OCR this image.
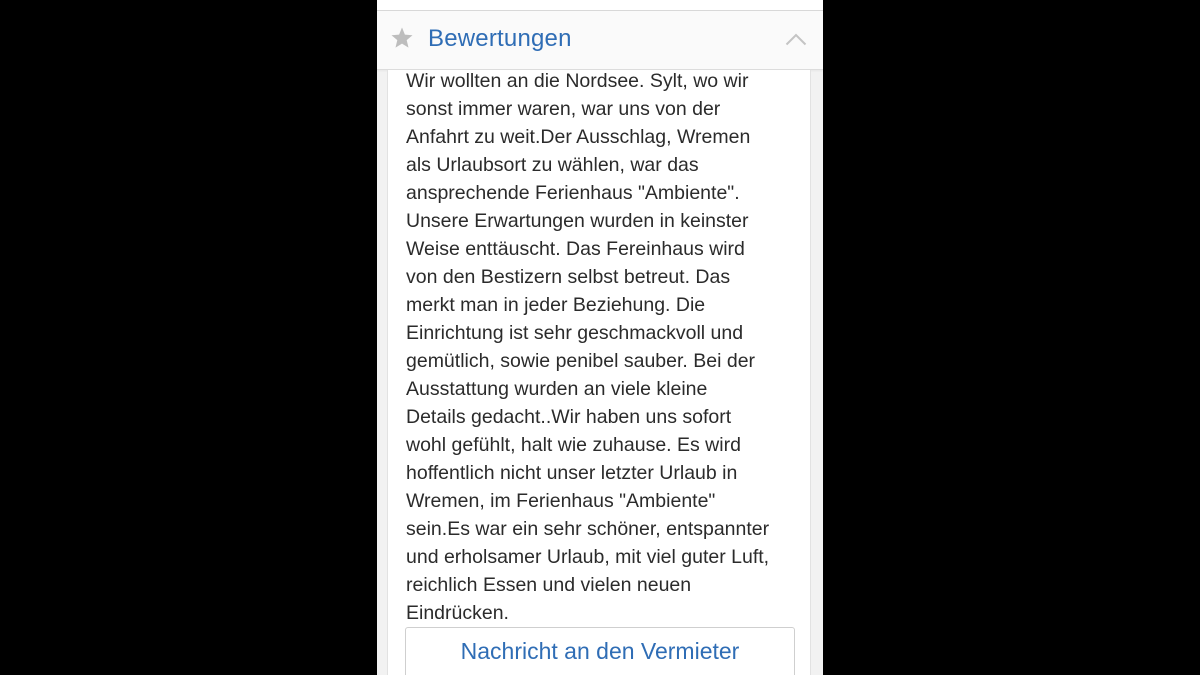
Bewertungen

Wir wollten an die Nordsee. Sylt, wo wir
sonst immer waren, war uns von der
Anfahrt zu weit.Der Ausschlag, Wremen
als Urlaubsort zu wählen, war das
ansprechende Ferienhaus "Ambiente".
Unsere Erwartungen wurden in keinster
Weise enttäuscht. Das Fereinhaus wird
von den Bestizern selbst betreut. Das
merkt man in jeder Beziehung. Die
Einrichtung ist sehr geschmackvoll und
gemütlich, sowie penibel sauber. Bei der
Ausstattung wurden an viele kleine
Details gedacht..Wir haben uns sofort
wohl gefühlt, halt wie zuhause. Es wird
hoffentlich nicht unser letzter Urlaub in
Wremen, im Ferienhaus "Ambiente"
sein.Es war ein sehr schöner, entspannter
und erholsamer Urlaub, mit viel guter Luft,
reichlich Essen und vielen neuen
Eindrücken.

Nachricht an den Vermieter
